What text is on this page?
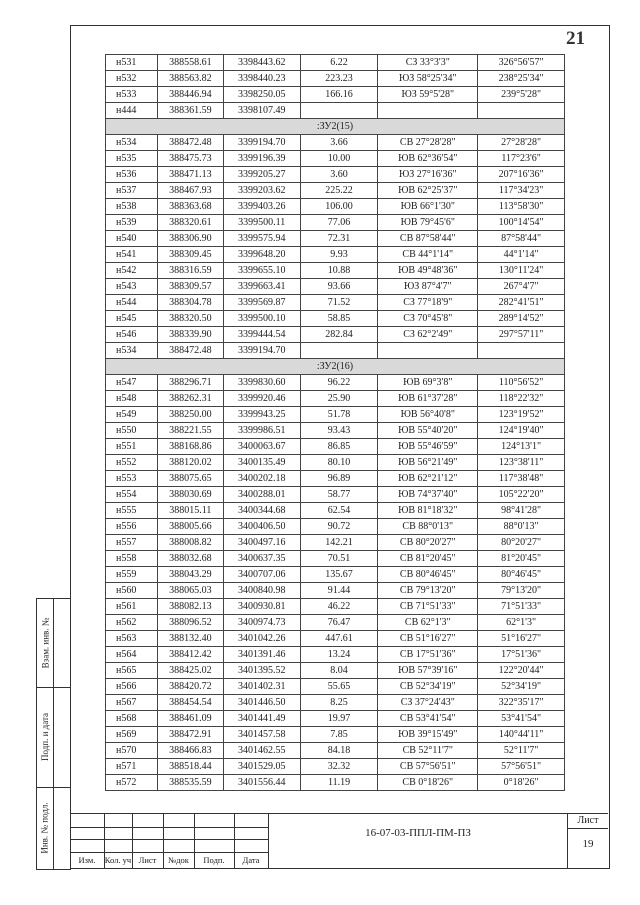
21
Взам. инв. №
Подп. и дата
Инв. № подл.
н531	388558.61	3398443.62	6.22	СЗ 33°3'3"	326°56'57"
н532	388563.82	3398440.23	223.23	ЮЗ 58°25'34"	238°25'34"
н533	388446.94	3398250.05	166.16	ЮЗ 59°5'28"	239°5'28"
н444	388361.59	3398107.49			
:ЗУ2(15)					
н534	388472.48	3399194.70	3.66	СВ 27°28'28"	27°28'28"
н535	388475.73	3399196.39	10.00	ЮВ 62°36'54"	117°23'6"
н536	388471.13	3399205.27	3.60	ЮЗ 27°16'36"	207°16'36"
н537	388467.93	3399203.62	225.22	ЮВ 62°25'37"	117°34'23"
н538	388363.68	3399403.26	106.00	ЮВ 66°1'30"	113°58'30"
н539	388320.61	3399500.11	77.06	ЮВ 79°45'6"	100°14'54"
н540	388306.90	3399575.94	72.31	СВ 87°58'44"	87°58'44"
н541	388309.45	3399648.20	9.93	СВ 44°1'14"	44°1'14"
н542	388316.59	3399655.10	10.88	ЮВ 49°48'36"	130°11'24"
н543	388309.57	3399663.41	93.66	ЮЗ 87°4'7"	267°4'7"
н544	388304.78	3399569.87	71.52	СЗ 77°18'9"	282°41'51"
н545	388320.50	3399500.10	58.85	СЗ 70°45'8"	289°14'52"
н546	388339.90	3399444.54	282.84	СЗ 62°2'49"	297°57'11"
н534	388472.48	3399194.70			
:ЗУ2(16)					
н547	388296.71	3399830.60	96.22	ЮВ 69°3'8"	110°56'52"
н548	388262.31	3399920.46	25.90	ЮВ 61°37'28"	118°22'32"
н549	388250.00	3399943.25	51.78	ЮВ 56°40'8"	123°19'52"
н550	388221.55	3399986.51	93.43	ЮВ 55°40'20"	124°19'40"
н551	388168.86	3400063.67	86.85	ЮВ 55°46'59"	124°13'1"
н552	388120.02	3400135.49	80.10	ЮВ 56°21'49"	123°38'11"
н553	388075.65	3400202.18	96.89	ЮВ 62°21'12"	117°38'48"
н554	388030.69	3400288.01	58.77	ЮВ 74°37'40"	105°22'20"
н555	388015.11	3400344.68	62.54	ЮВ 81°18'32"	98°41'28"
н556	388005.66	3400406.50	90.72	СВ 88°0'13"	88°0'13"
н557	388008.82	3400497.16	142.21	СВ 80°20'27"	80°20'27"
н558	388032.68	3400637.35	70.51	СВ 81°20'45"	81°20'45"
н559	388043.29	3400707.06	135.67	СВ 80°46'45"	80°46'45"
н560	388065.03	3400840.98	91.44	СВ 79°13'20"	79°13'20"
н561	388082.13	3400930.81	46.22	СВ 71°51'33"	71°51'33"
н562	388096.52	3400974.73	76.47	СВ 62°1'3"	62°1'3"
н563	388132.40	3401042.26	447.61	СВ 51°16'27"	51°16'27"
н564	388412.42	3401391.46	13.24	СВ 17°51'36"	17°51'36"
н565	388425.02	3401395.52	8.04	ЮВ 57°39'16"	122°20'44"
н566	388420.72	3401402.31	55.65	СВ 52°34'19"	52°34'19"
н567	388454.54	3401446.50	8.25	СЗ 37°24'43"	322°35'17"
н568	388461.09	3401441.49	19.97	СВ 53°41'54"	53°41'54"
н569	388472.91	3401457.58	7.85	ЮВ 39°15'49"	140°44'11"
н570	388466.83	3401462.55	84.18	СВ 52°11'7"	52°11'7"
н571	388518.44	3401529.05	32.32	СВ 57°56'51"	57°56'51"
н572	388535.59	3401556.44	11.19	СВ 0°18'26"	0°18'26"
Изм.	Кол. уч Лист	№док	Подп.	Дата
16-07-03-ППЛ-ПМ-ПЗ
Лист
19
